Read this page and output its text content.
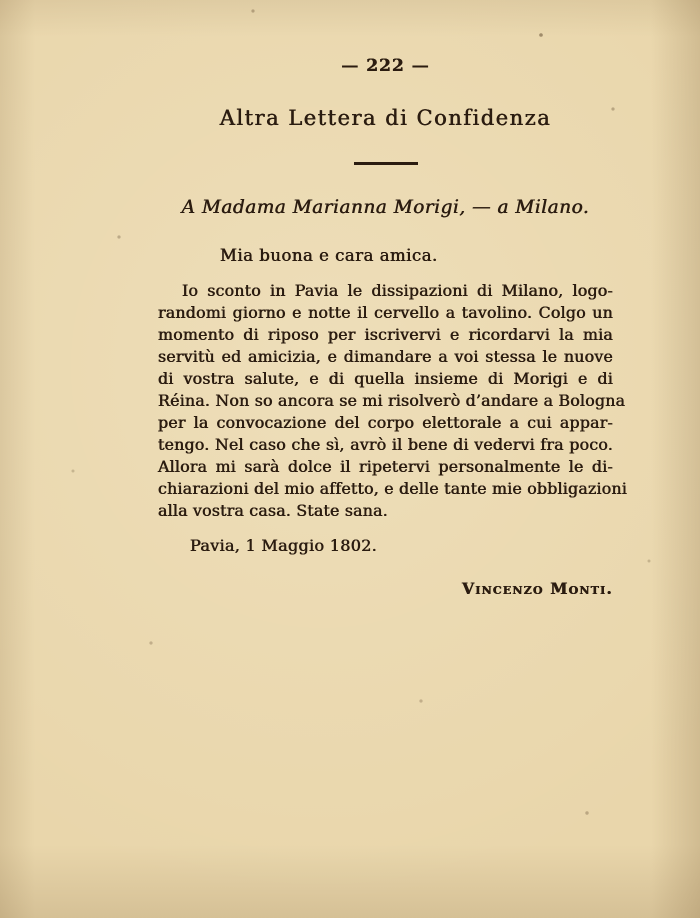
— 222 —
Altra Lettera di Confidenza
A Madama Marianna Morigi, — a Milano.
Mia buona e cara amica.
Io sconto in Pavia le dissipazioni di Milano, logo-
randomi giorno e notte il cervello a tavolino. Colgo un
momento di riposo per iscrivervi e ricordarvi la mia
servitù ed amicizia, e dimandare a voi stessa le nuove
di vostra salute, e di quella insieme di Morigi e di
Réina. Non so ancora se mi risolverò d’andare a Bologna
per la convocazione del corpo elettorale a cui appar-
tengo. Nel caso che sì, avrò il bene di vedervi fra poco.
Allora mi sarà dolce il ripetervi personalmente le di-
chiarazioni del mio affetto, e delle tante mie obbligazioni
alla vostra casa. State sana.
Pavia, 1 Maggio 1802.
Vincenzo Monti.
